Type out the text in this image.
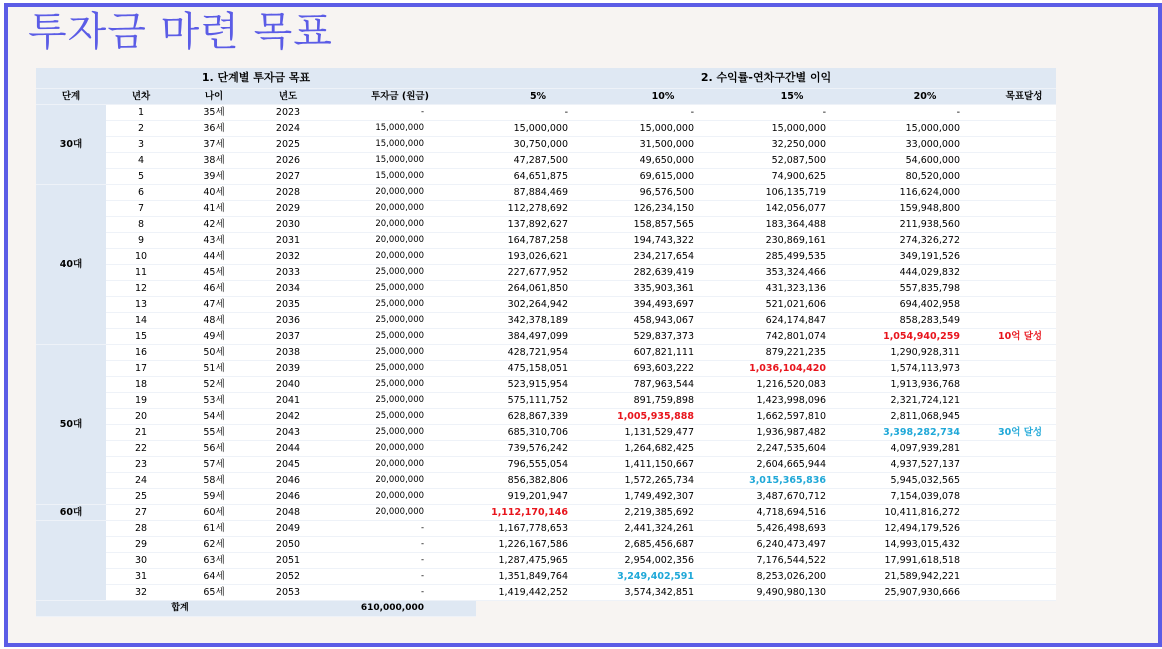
투자금 마련 목표
1. 단계별 투자금 목표					2. 수익률-연차구간별 이익				
단계	년차	나이	년도	투자금 (원금)	5%	10%	15%	20%	목표달성
30대	1	35세	2023	-	-	-	-	-	
	2	36세	2024	15,000,000	15,000,000	15,000,000	15,000,000	15,000,000	
	3	37세	2025	15,000,000	30,750,000	31,500,000	32,250,000	33,000,000	
	4	38세	2026	15,000,000	47,287,500	49,650,000	52,087,500	54,600,000	
	5	39세	2027	15,000,000	64,651,875	69,615,000	74,900,625	80,520,000	
40대	6	40세	2028	20,000,000	87,884,469	96,576,500	106,135,719	116,624,000	
	7	41세	2029	20,000,000	112,278,692	126,234,150	142,056,077	159,948,800	
	8	42세	2030	20,000,000	137,892,627	158,857,565	183,364,488	211,938,560	
	9	43세	2031	20,000,000	164,787,258	194,743,322	230,869,161	274,326,272	
	10	44세	2032	20,000,000	193,026,621	234,217,654	285,499,535	349,191,526	
	11	45세	2033	25,000,000	227,677,952	282,639,419	353,324,466	444,029,832	
	12	46세	2034	25,000,000	264,061,850	335,903,361	431,323,136	557,835,798	
	13	47세	2035	25,000,000	302,264,942	394,493,697	521,021,606	694,402,958	
	14	48세	2036	25,000,000	342,378,189	458,943,067	624,174,847	858,283,549	
	15	49세	2037	25,000,000	384,497,099	529,837,373	742,801,074	1,054,940,259	10억 달성
50대	16	50세	2038	25,000,000	428,721,954	607,821,111	879,221,235	1,290,928,311	
	17	51세	2039	25,000,000	475,158,051	693,603,222	1,036,104,420	1,574,113,973	
	18	52세	2040	25,000,000	523,915,954	787,963,544	1,216,520,083	1,913,936,768	
	19	53세	2041	25,000,000	575,111,752	891,759,898	1,423,998,096	2,321,724,121	
	20	54세	2042	25,000,000	628,867,339	1,005,935,888	1,662,597,810	2,811,068,945	
	21	55세	2043	25,000,000	685,310,706	1,131,529,477	1,936,987,482	3,398,282,734	30억 달성
	22	56세	2044	20,000,000	739,576,242	1,264,682,425	2,247,535,604	4,097,939,281	
	23	57세	2045	20,000,000	796,555,054	1,411,150,667	2,604,665,944	4,937,527,137	
	24	58세	2046	20,000,000	856,382,806	1,572,265,734	3,015,365,836	5,945,032,565	
	25	59세	2046	20,000,000	919,201,947	1,749,492,307	3,487,670,712	7,154,039,078	
60대	27	60세	2048	20,000,000	1,112,170,146	2,219,385,692	4,718,694,516	10,411,816,272	
	28	61세	2049	-	1,167,778,653	2,441,324,261	5,426,498,693	12,494,179,526	
	29	62세	2050	-	1,226,167,586	2,685,456,687	6,240,473,497	14,993,015,432	
	30	63세	2051	-	1,287,475,965	2,954,002,356	7,176,544,522	17,991,618,518	
	31	64세	2052	-	1,351,849,764	3,249,402,591	8,253,026,200	21,589,942,221	
	32	65세	2053	-	1,419,442,252	3,574,342,851	9,490,980,130	25,907,930,666	
합계				610,000,000					
